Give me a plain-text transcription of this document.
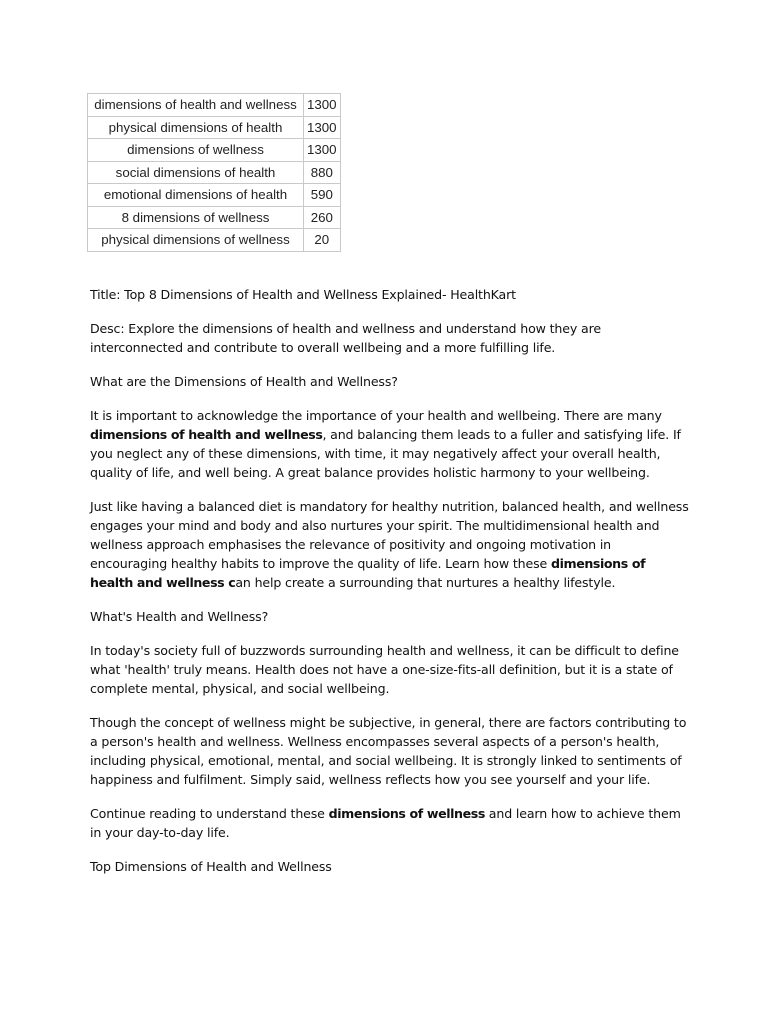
dimensions of health and wellness	1300
physical dimensions of health	1300
dimensions of wellness	1300
social dimensions of health	880
emotional dimensions of health	590
8 dimensions of wellness	260
physical dimensions of wellness	20

Title: Top 8 Dimensions of Health and Wellness Explained- HealthKart

Desc: Explore the dimensions of health and wellness and understand how they are interconnected and contribute to overall wellbeing and a more fulfilling life.

What are the Dimensions of Health and Wellness?

It is important to acknowledge the importance of your health and wellbeing. There are many dimensions of health and wellness, and balancing them leads to a fuller and satisfying life. If you neglect any of these dimensions, with time, it may negatively affect your overall health, quality of life, and well being. A great balance provides holistic harmony to your wellbeing.

Just like having a balanced diet is mandatory for healthy nutrition, balanced health, and wellness engages your mind and body and also nurtures your spirit. The multidimensional health and wellness approach emphasises the relevance of positivity and ongoing motivation in encouraging healthy habits to improve the quality of life. Learn how these dimensions of health and wellness can help create a surrounding that nurtures a healthy lifestyle.

What's Health and Wellness?

In today's society full of buzzwords surrounding health and wellness, it can be difficult to define what 'health' truly means. Health does not have a one-size-fits-all definition, but it is a state of complete mental, physical, and social wellbeing.

Though the concept of wellness might be subjective, in general, there are factors contributing to a person's health and wellness. Wellness encompasses several aspects of a person's health, including physical, emotional, mental, and social wellbeing. It is strongly linked to sentiments of happiness and fulfilment. Simply said, wellness reflects how you see yourself and your life.

Continue reading to understand these dimensions of wellness and learn how to achieve them in your day-to-day life.

Top Dimensions of Health and Wellness
